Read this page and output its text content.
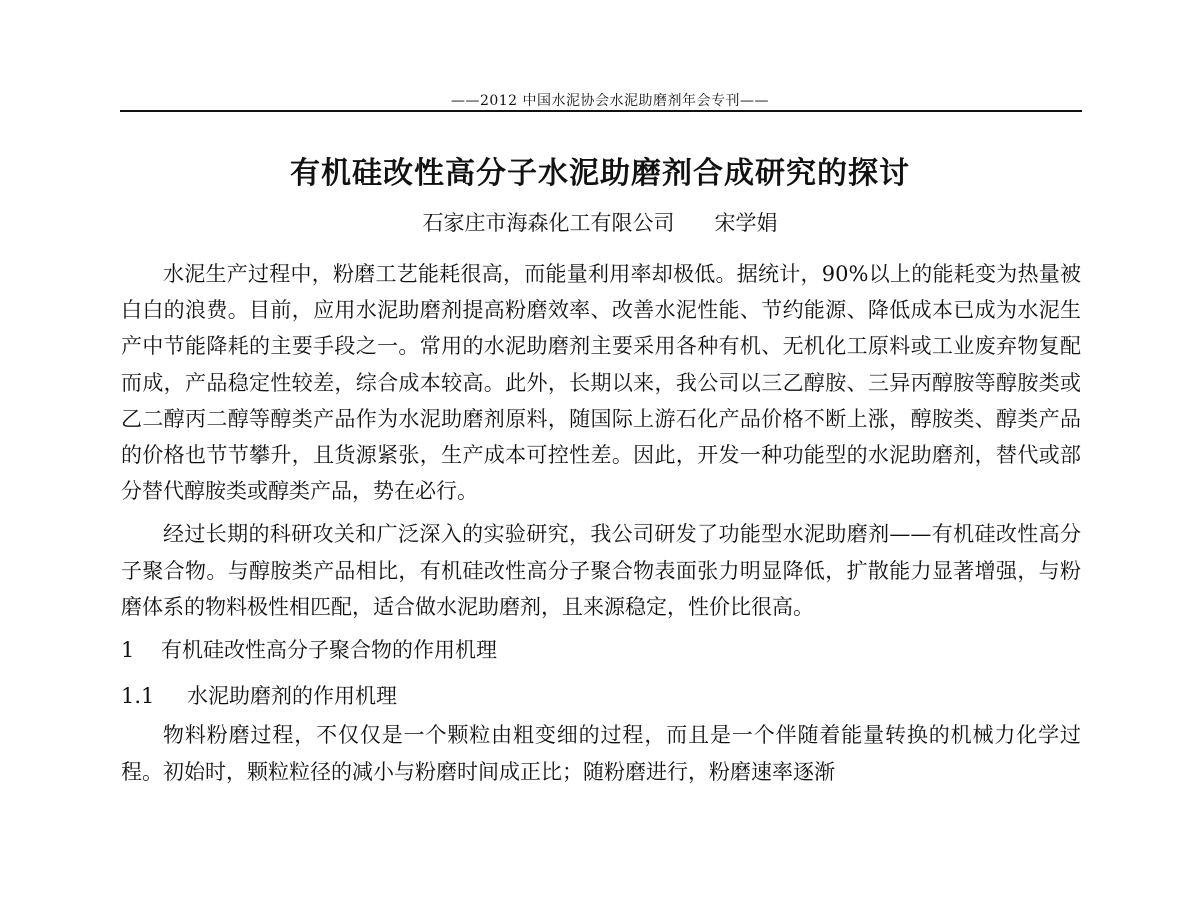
——2012 中国水泥协会水泥助磨剂年会专刊——
有机硅改性高分子水泥助磨剂合成研究的探讨
石家庄市海森化工有限公司 宋学娟

水泥生产过程中，粉磨工艺能耗很高，而能量利用率却极低。据统计，90%以上的能耗变为热量被白白的浪费。目前，应用水泥助磨剂提高粉磨效率、改善水泥性能、节约能源、降低成本已成为水泥生产中节能降耗的主要手段之一。常用的水泥助磨剂主要采用各种有机、无机化工原料或工业废弃物复配而成，产品稳定性较差，综合成本较高。此外，长期以来，我公司以三乙醇胺、三异丙醇胺等醇胺类或乙二醇丙二醇等醇类产品作为水泥助磨剂原料，随国际上游石化产品价格不断上涨，醇胺类、醇类产品的价格也节节攀升，且货源紧张，生产成本可控性差。因此，开发一种功能型的水泥助磨剂，替代或部分替代醇胺类或醇类产品，势在必行。

经过长期的科研攻关和广泛深入的实验研究，我公司研发了功能型水泥助磨剂——有机硅改性高分子聚合物。与醇胺类产品相比，有机硅改性高分子聚合物表面张力明显降低，扩散能力显著增强，与粉磨体系的物料极性相匹配，适合做水泥助磨剂，且来源稳定，性价比很高。

1 有机硅改性高分子聚合物的作用机理
1.1 水泥助磨剂的作用机理

物料粉磨过程，不仅仅是一个颗粒由粗变细的过程，而且是一个伴随着能量转换的机械力化学过程。初始时，颗粒粒径的减小与粉磨时间成正比；随粉磨进行，粉磨速率逐渐
